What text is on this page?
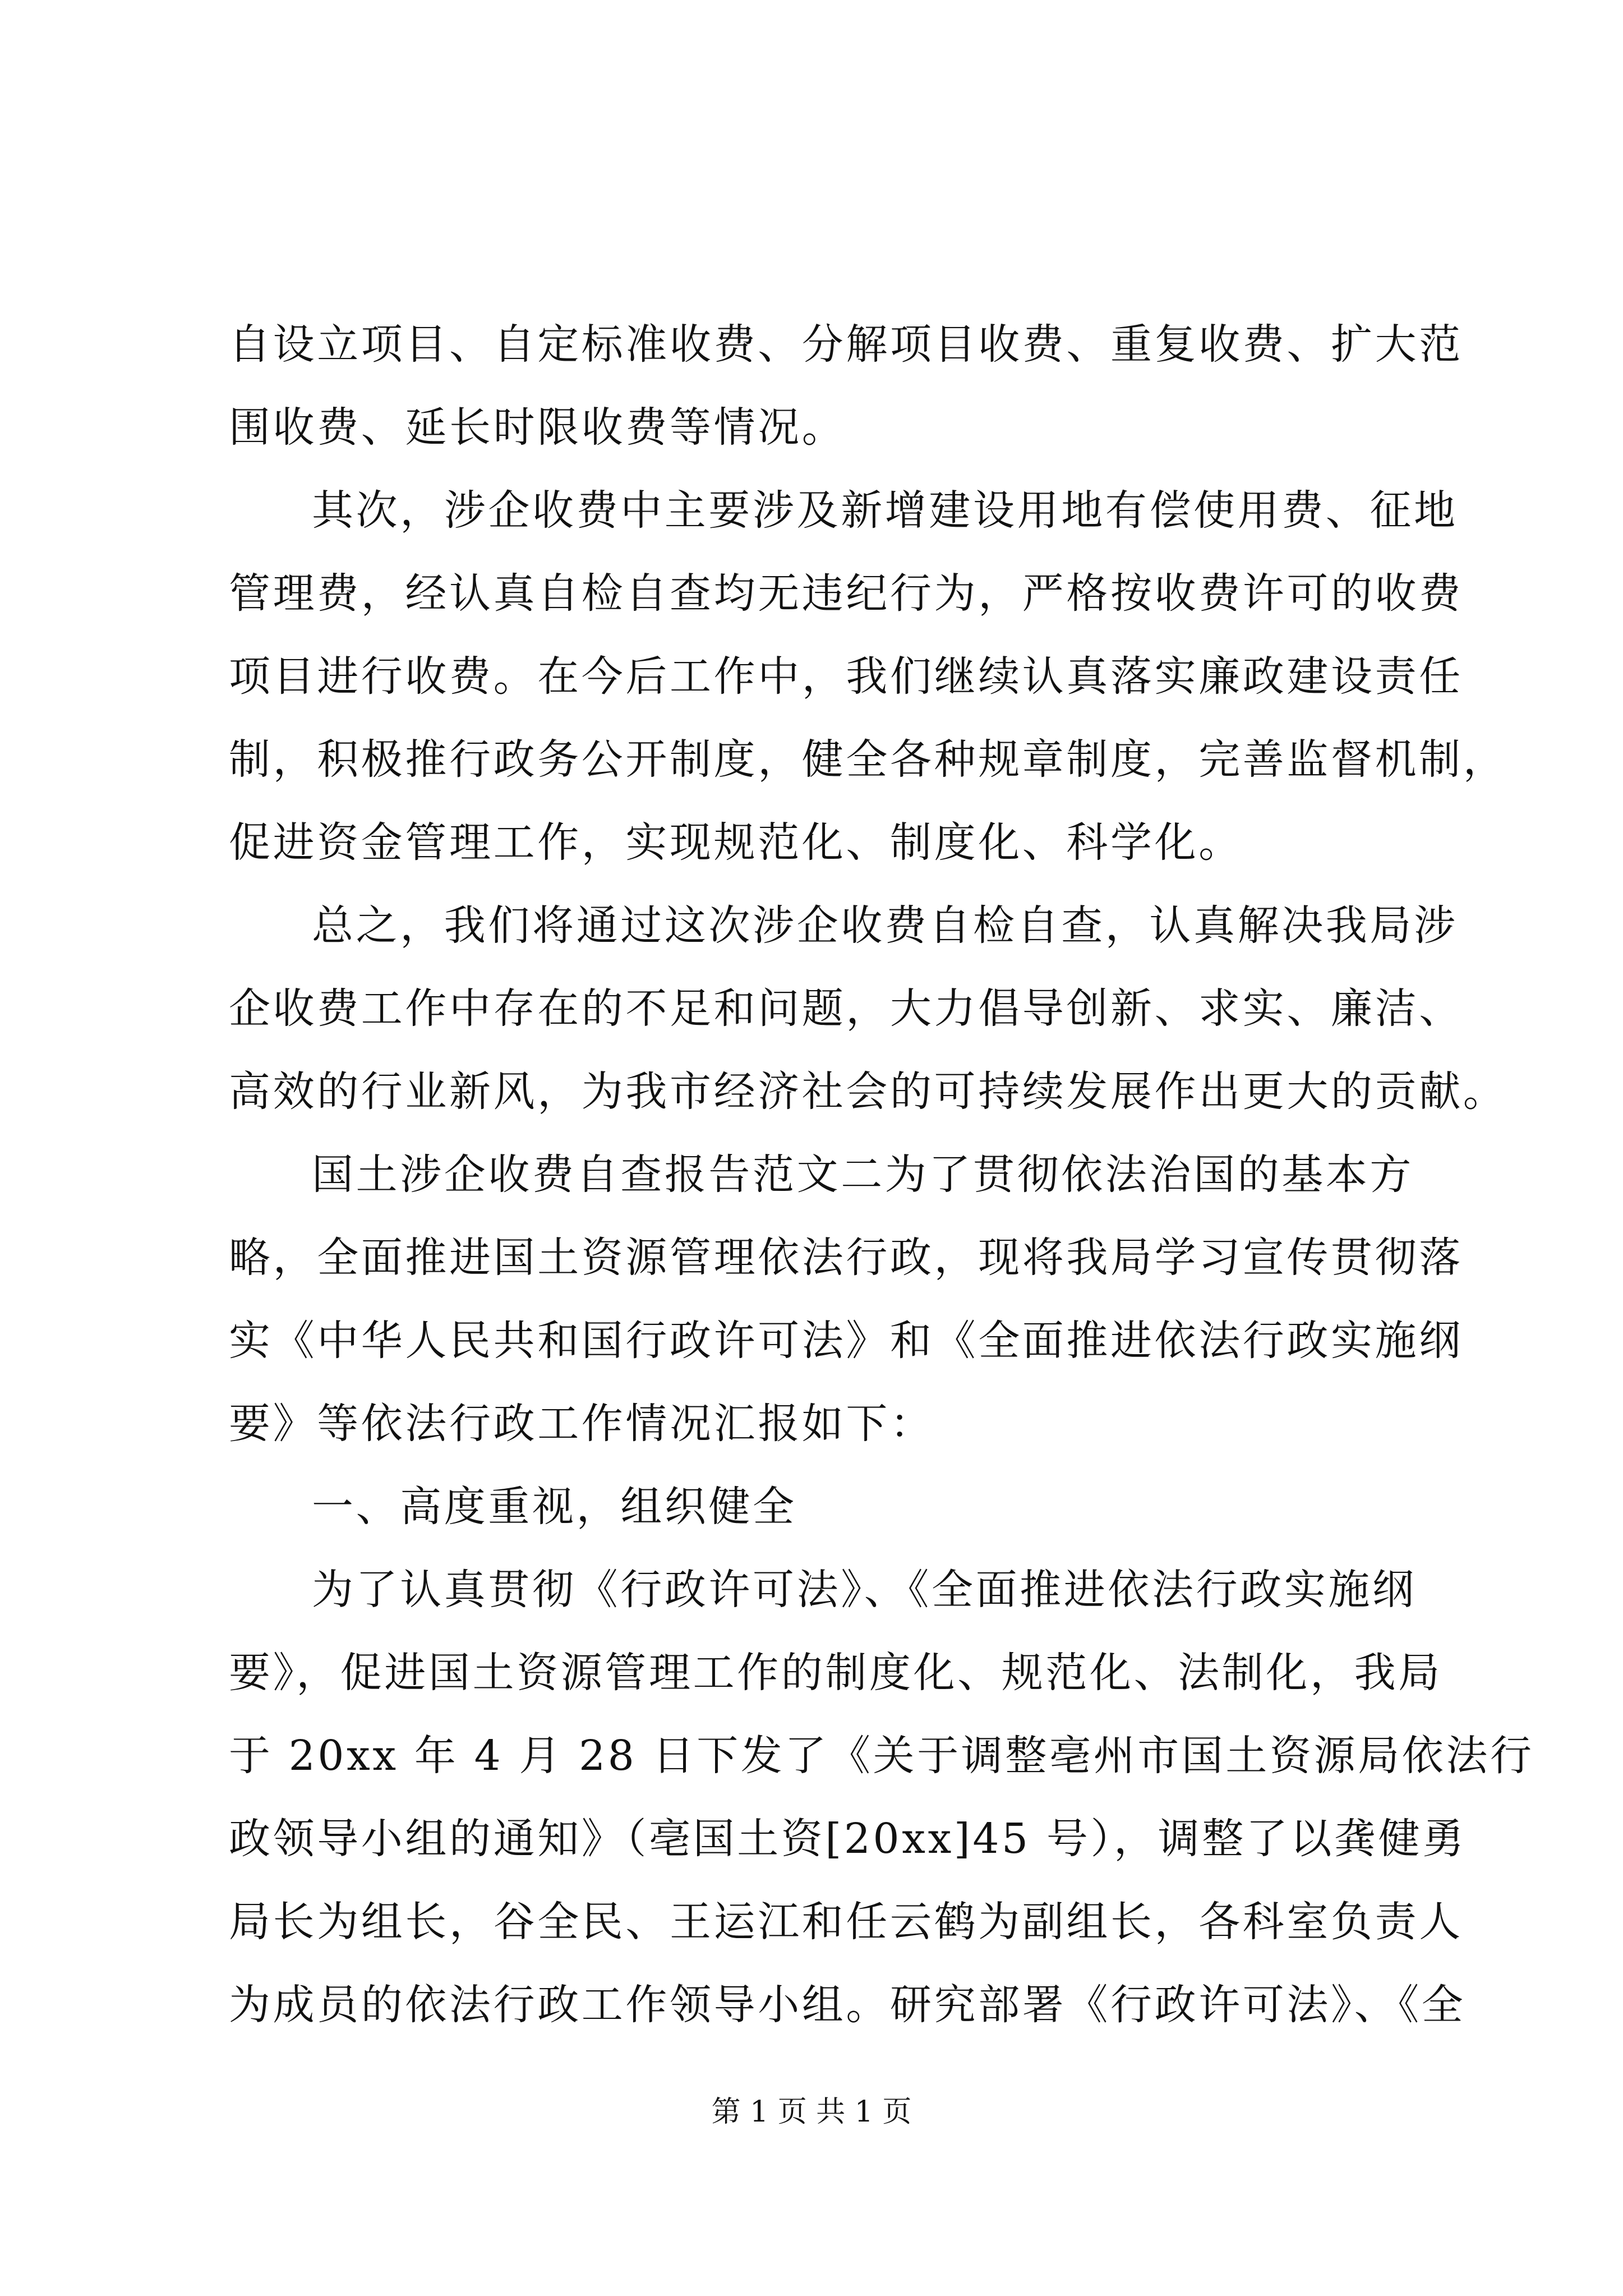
自设立项目、自定标准收费、分解项目收费、重复收费、扩大范
围收费、延长时限收费等情况。
其次，涉企收费中主要涉及新增建设用地有偿使用费、征地
管理费，经认真自检自查均无违纪行为，严格按收费许可的收费
项目进行收费。在今后工作中，我们继续认真落实廉政建设责任
制，积极推行政务公开制度，健全各种规章制度，完善监督机制，
促进资金管理工作，实现规范化、制度化、科学化。
总之，我们将通过这次涉企收费自检自查，认真解决我局涉
企收费工作中存在的不足和问题，大力倡导创新、求实、廉洁、
高效的行业新风，为我市经济社会的可持续发展作出更大的贡献。
国土涉企收费自查报告范文二为了贯彻依法治国的基本方
略，全面推进国土资源管理依法行政，现将我局学习宣传贯彻落
实《中华人民共和国行政许可法》和《全面推进依法行政实施纲
要》等依法行政工作情况汇报如下：
一、高度重视，组织健全
为了认真贯彻《行政许可法》、《全面推进依法行政实施纲
要》，促进国土资源管理工作的制度化、规范化、法制化，我局
于 20xx 年 4 月 28 日下发了《关于调整亳州市国土资源局依法行
政领导小组的通知》（亳国土资[20xx]45 号），调整了以龚健勇
局长为组长，谷全民、王运江和任云鹤为副组长，各科室负责人
为成员的依法行政工作领导小组。研究部署《行政许可法》、《全
第 1 页 共 1 页
